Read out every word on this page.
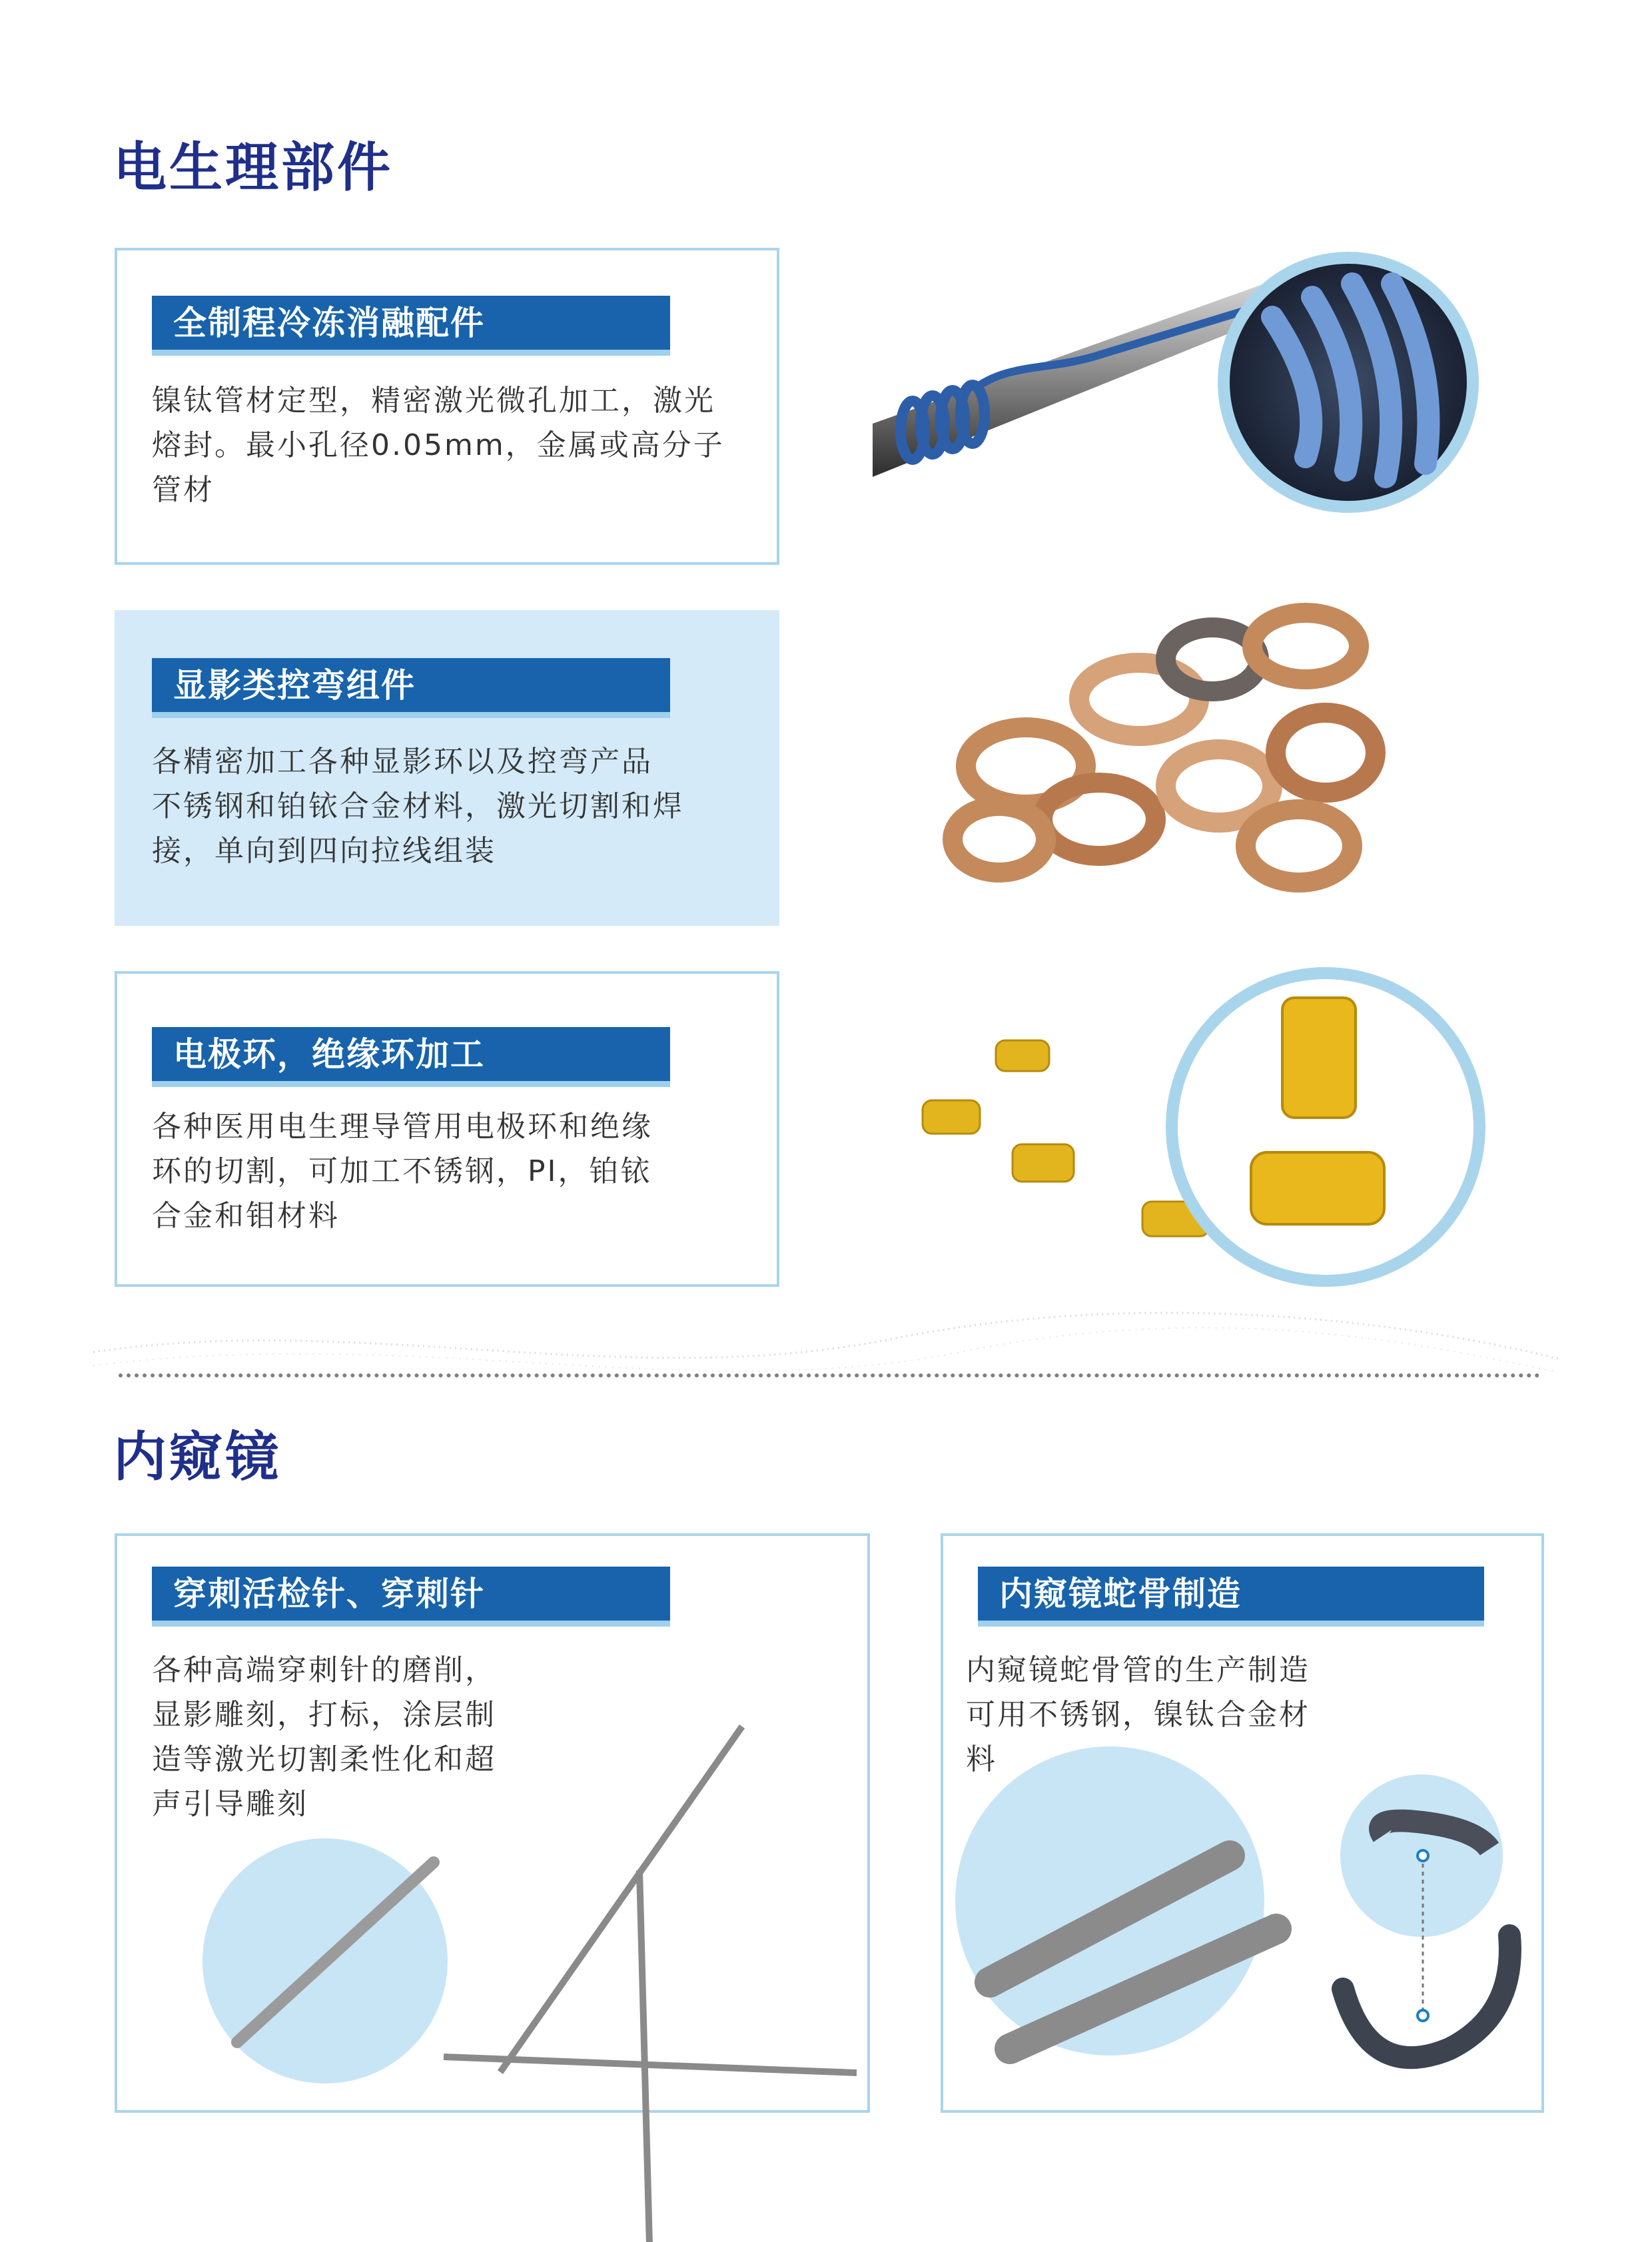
电生理部件
全制程冷冻消融配件
镍钛管材定型，精密激光微孔加工，激光
熔封。最小孔径0.05mm，金属或高分子
管材
显影类控弯组件
各精密加工各种显影环以及控弯产品
不锈钢和铂铱合金材料，激光切割和焊
接，单向到四向拉线组装
电极环，绝缘环加工
各种医用电生理导管用电极环和绝缘
环的切割，可加工不锈钢，PI，铂铱
合金和钼材料
内窥镜
穿刺活检针、穿刺针
各种高端穿刺针的磨削，
显影雕刻，打标，涂层制
造等激光切割柔性化和超
声引导雕刻
内窥镜蛇骨制造
内窥镜蛇骨管的生产制造
可用不锈钢，镍钛合金材料
